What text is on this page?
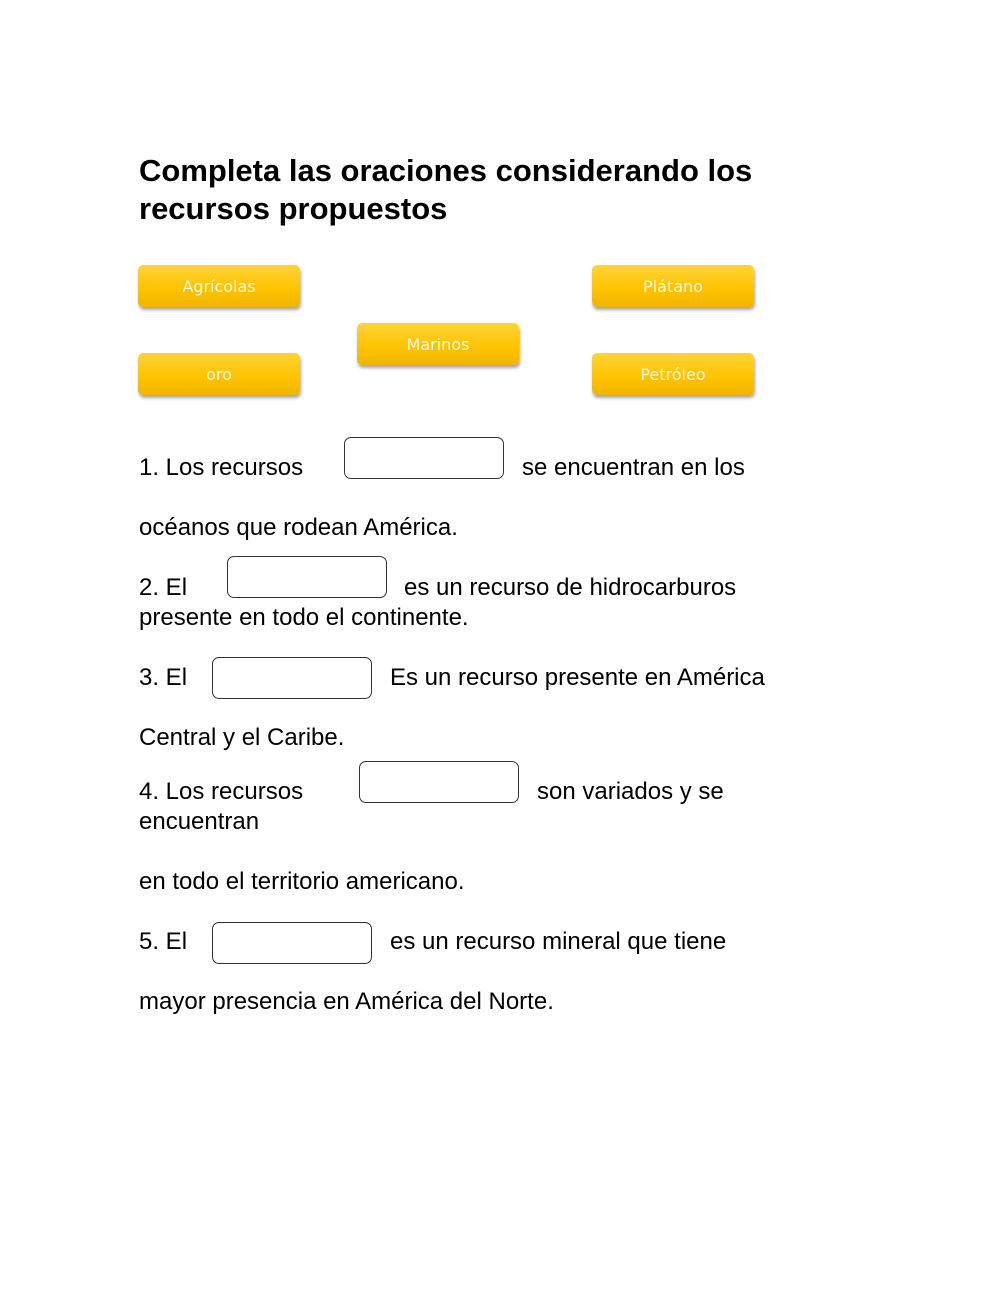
Completa las oraciones considerando los recursos propuestos
Agrícolas	Plátano
Marinos
oro	Petróleo

1. Los recursos	se encuentran en los

océanos que rodean América.

2. El	es un recurso de hidrocarburos

presente en todo el continente.

3. El	Es un recurso presente en América

Central y el Caribe.

4. Los recursos	son variados y se

encuentran

en todo el territorio americano.

5. El	es un recurso mineral que tiene

mayor presencia en América del Norte.
